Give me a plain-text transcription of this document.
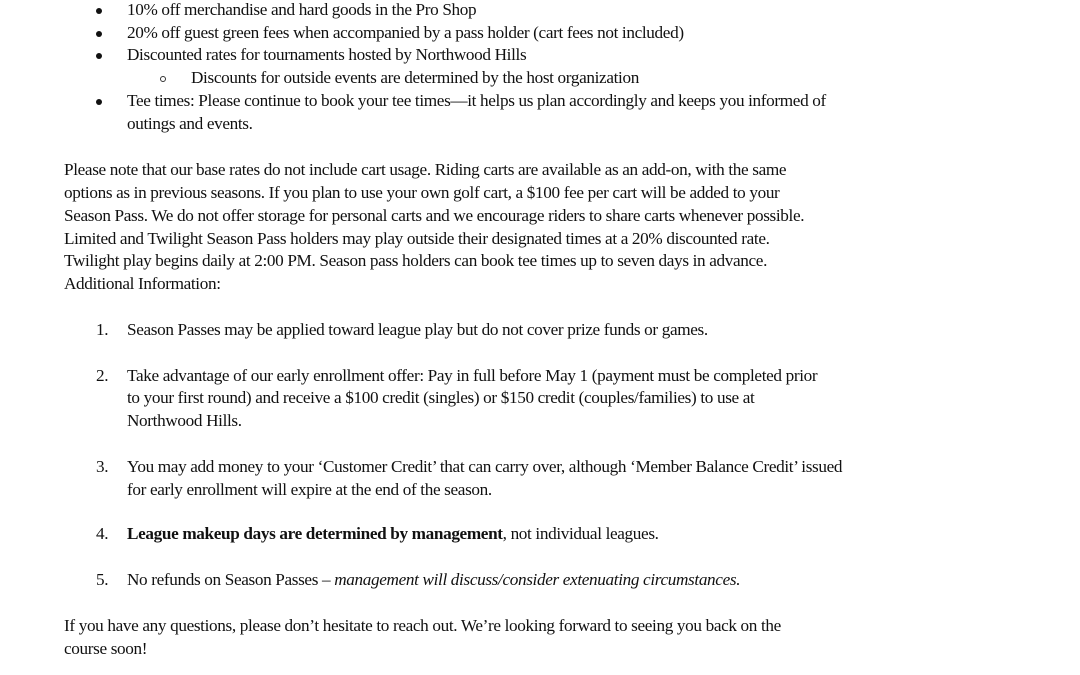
10% off merchandise and hard goods in the Pro Shop
20% off guest green fees when accompanied by a pass holder (cart fees not included)
Discounted rates for tournaments hosted by Northwood Hills
Discounts for outside events are determined by the host organization
Tee times: Please continue to book your tee times—it helps us plan accordingly and keeps you informed of
outings and events.
Please note that our base rates do not include cart usage. Riding carts are available as an add-on, with the same
options as in previous seasons. If you plan to use your own golf cart, a $100 fee per cart will be added to your
Season Pass. We do not offer storage for personal carts and we encourage riders to share carts whenever possible.
Limited and Twilight Season Pass holders may play outside their designated times at a 20% discounted rate.
Twilight play begins daily at 2:00 PM. Season pass holders can book tee times up to seven days in advance.
Additional Information:
1. Season Passes may be applied toward league play but do not cover prize funds or games.
2. Take advantage of our early enrollment offer: Pay in full before May 1 (payment must be completed prior
to your first round) and receive a $100 credit (singles) or $150 credit (couples/families) to use at
Northwood Hills.
3. You may add money to your ‘Customer Credit’ that can carry over, although ‘Member Balance Credit’ issued
for early enrollment will expire at the end of the season.
4. League makeup days are determined by management, not individual leagues.
5. No refunds on Season Passes – management will discuss/consider extenuating circumstances.
If you have any questions, please don’t hesitate to reach out. We’re looking forward to seeing you back on the
course soon!
